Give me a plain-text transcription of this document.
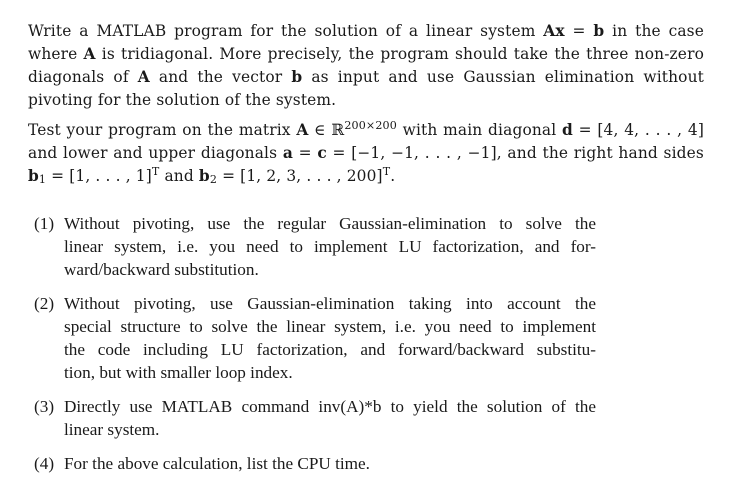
Write a MATLAB program for the solution of a linear system Ax = b in the case
where A is tridiagonal. More precisely, the program should take the three non-zero
diagonals of A and the vector b as input and use Gaussian elimination without
pivoting for the solution of the system.
Test your program on the matrix A ∈ ℝ$^{200\times 200}$ with main diagonal d = [4, 4, . . . , 4]
and lower and upper diagonals a = c = [−1, −1, . . . , −1], and the right hand sides
$b_1 = [1$, . . . , 1]$^T$ and $b_2 = [1$, 2, 3, . . . , 200]$^T$.
(1) Without pivoting, use the regular Gaussian-elimination to solve the
linear system, i.e. you need to implement LU factorization, and for-
ward/backward substitution.
(2) Without pivoting, use Gaussian-elimination taking into account the
special structure to solve the linear system, i.e. you need to implement
the code including LU factorization, and forward/backward substitu-
tion, but with smaller loop index.
(3) Directly use MATLAB command inv(A)*b to yield the solution of the
linear system.
(4) For the above calculation, list the CPU time.
